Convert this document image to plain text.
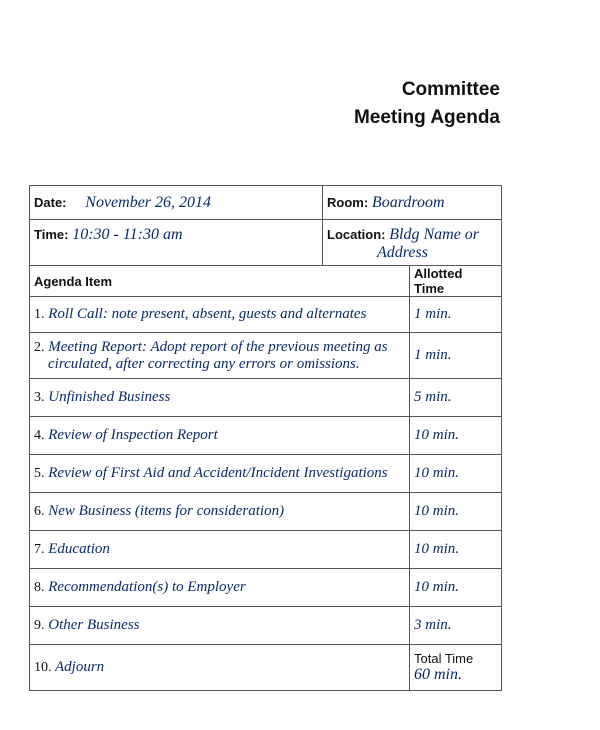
Committee
Meeting Agenda
Date: November 26, 2014	Room: Boardroom	
Time: 10:30 - 11:30 am	Location: Bldg Name or
Address	
Agenda Item		Allotted Time
1. Roll Call: note present, absent, guests and alternates		1 min.
2. Meeting Report: Adopt report of the previous meeting as
circulated, after correcting any errors or omissions.		1 min.
3. Unfinished Business		5 min.
4. Review of Inspection Report		10 min.
5. Review of First Aid and Accident/Incident Investigations		10 min.
6. New Business (items for consideration)		10 min.
7. Education		10 min.
8. Recommendation(s) to Employer		10 min.
9. Other Business		3 min.
10. Adjourn		Total Time
60 min.
